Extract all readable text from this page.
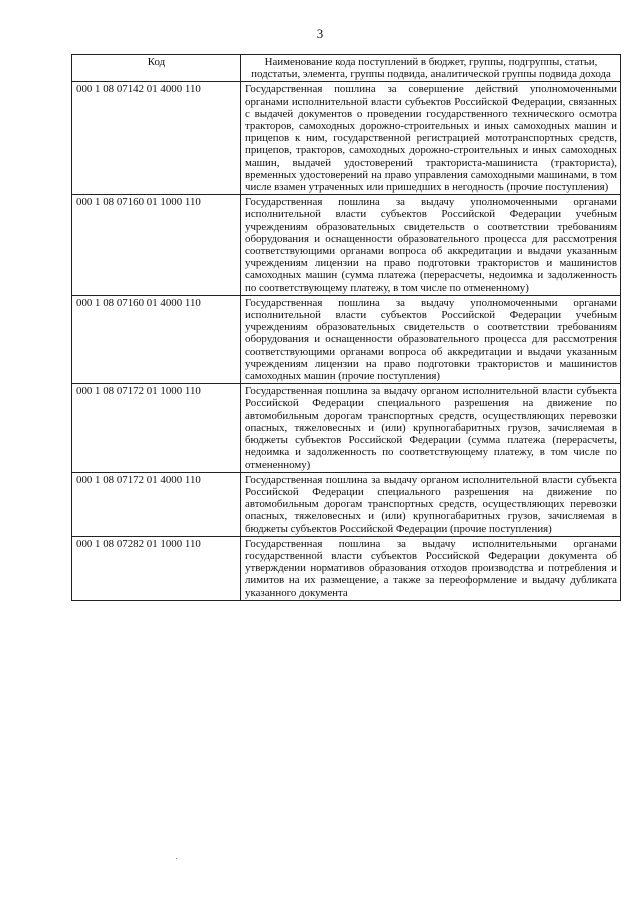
3
Код	Наименование кода поступлений в бюджет, группы, подгруппы, статьи, подстатьи, элемента, группы подвида, аналитической группы подвида дохода
000 1 08 07142 01 4000 110	Государственная пошлина за совершение действий уполномоченными органами исполнительной власти субъектов Российской Федерации, связанных с выдачей документов о проведении государственного технического осмотра тракторов, самоходных дорожно-строительных и иных самоходных машин и прицепов к ним, государственной регистрацией мототранспортных средств, прицепов, тракторов, самоходных дорожно-строительных и иных самоходных машин, выдачей удостоверений тракториста-машиниста (тракториста), временных удостоверений на право управления самоходными машинами, в том числе взамен утраченных или пришедших в негодность (прочие поступления)
000 1 08 07160 01 1000 110	Государственная пошлина за выдачу уполномоченными органами исполнительной власти субъектов Российской Федерации учебным учреждениям образовательных свидетельств о соответствии требованиям оборудования и оснащенности образовательного процесса для рассмотрения соответствующими органами вопроса об аккредитации и выдачи указанным учреждениям лицензии на право подготовки трактористов и машинистов самоходных машин (сумма платежа (перерасчеты, недоимка и задолженность по соответствующему платежу, в том числе по отмененному)
000 1 08 07160 01 4000 110	Государственная пошлина за выдачу уполномоченными органами исполнительной власти субъектов Российской Федерации учебным учреждениям образовательных свидетельств о соответствии требованиям оборудования и оснащенности образовательного процесса для рассмотрения соответствующими органами вопроса об аккредитации и выдачи указанным учреждениям лицензии на право подготовки трактористов и машинистов самоходных машин (прочие поступления)
000 1 08 07172 01 1000 110	Государственная пошлина за выдачу органом исполнительной власти субъекта Российской Федерации специального разрешения на движение по автомобильным дорогам транспортных средств, осуществляющих перевозки опасных, тяжеловесных и (или) крупногабаритных грузов, зачисляемая в бюджеты субъектов Российской Федерации (сумма платежа (перерасчеты, недоимка и задолженность по соответствующему платежу, в том числе по отмененному)
000 1 08 07172 01 4000 110	Государственная пошлина за выдачу органом исполнительной власти субъекта Российской Федерации специального разрешения на движение по автомобильным дорогам транспортных средств, осуществляющих перевозки опасных, тяжеловесных и (или) крупногабаритных грузов, зачисляемая в бюджеты субъектов Российской Федерации (прочие поступления)
000 1 08 07282 01 1000 110	Государственная пошлина за выдачу исполнительными органами государственной власти субъектов Российской Федерации документа об утверждении нормативов образования отходов производства и потребления и лимитов на их размещение, а также за переоформление и выдачу дубликата указанного документа
